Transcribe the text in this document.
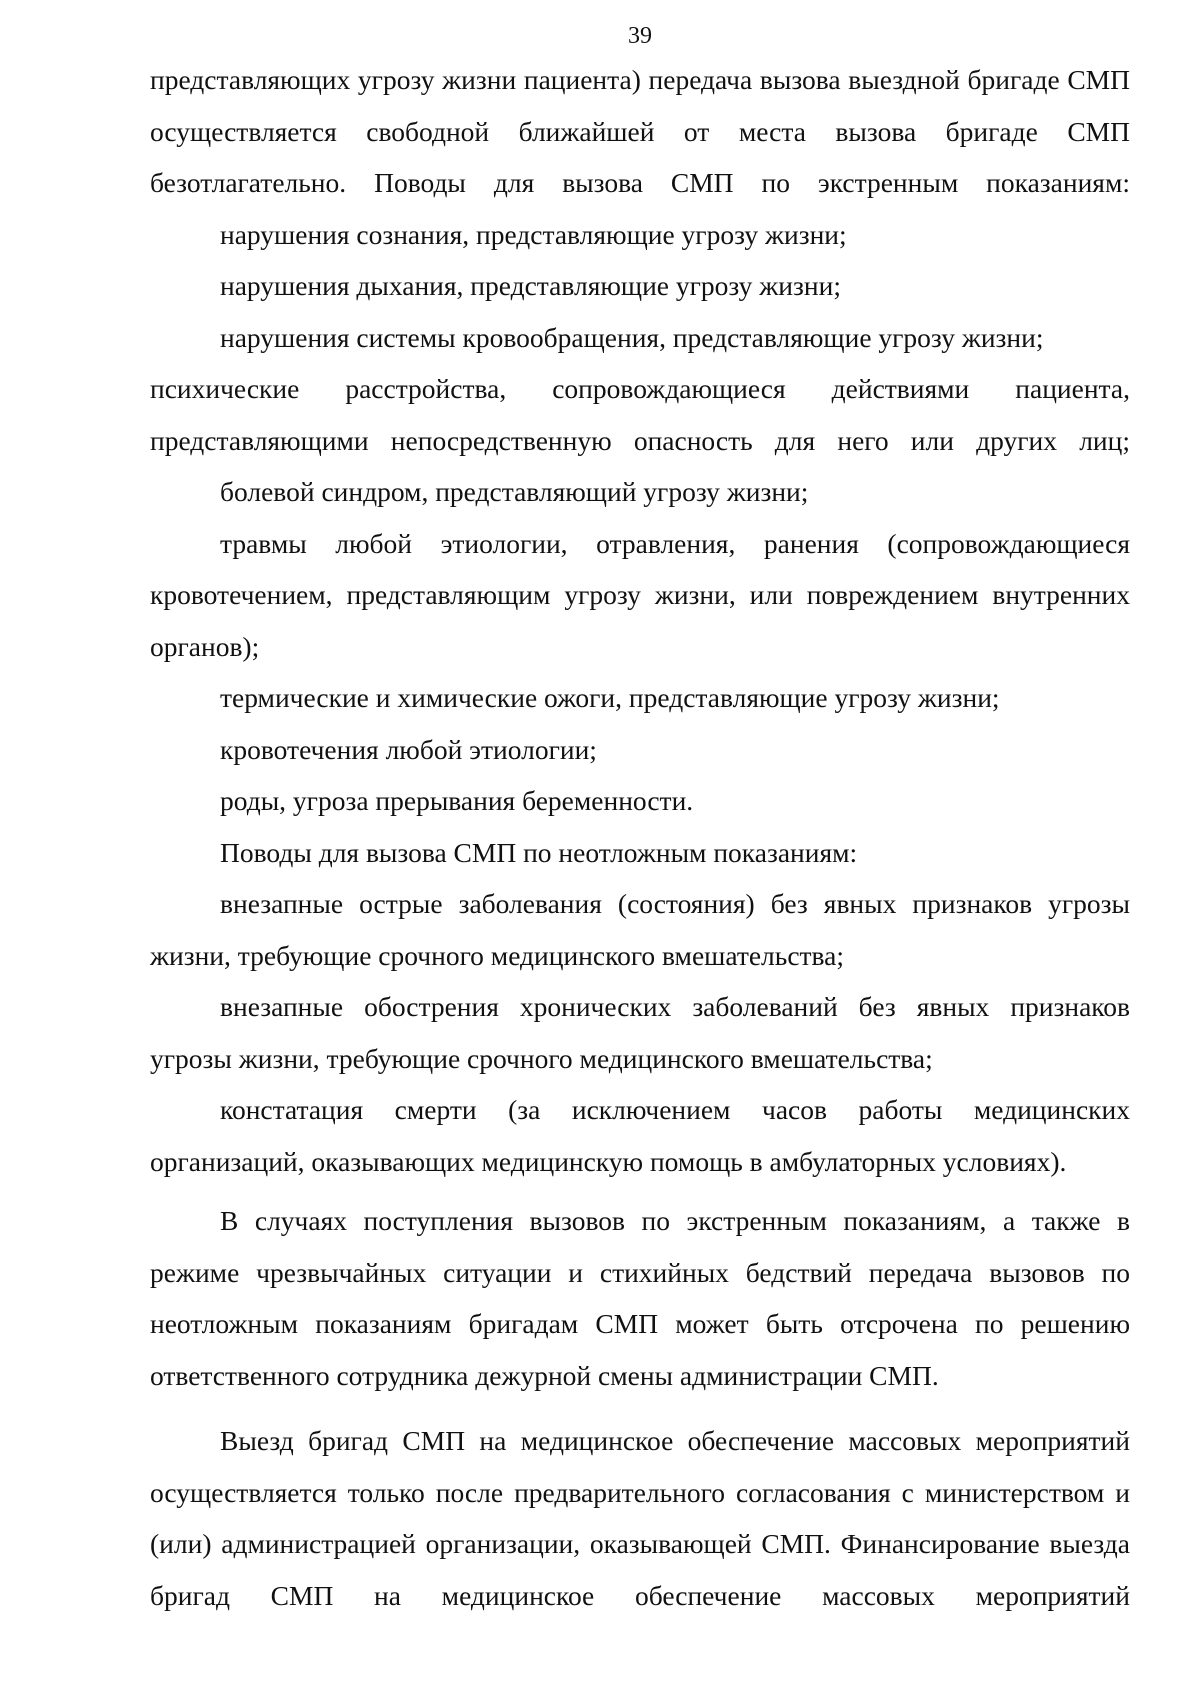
39

представляющих угрозу жизни пациента) передача вызова выездной бригаде СМП осуществляется свободной ближайшей от места вызова бригаде СМП безотлагательно. Поводы для вызова СМП по экстренным показаниям:

нарушения сознания, представляющие угрозу жизни;

нарушения дыхания, представляющие угрозу жизни;

нарушения системы кровообращения, представляющие угрозу жизни;

психические расстройства, сопровождающиеся действиями пациента, представляющими непосредственную опасность для него или других лиц;

болевой синдром, представляющий угрозу жизни;

травмы любой этиологии, отравления, ранения (сопровождающиеся кровотечением, представляющим угрозу жизни, или повреждением внутренних органов);

термические и химические ожоги, представляющие угрозу жизни;

кровотечения любой этиологии;

роды, угроза прерывания беременности.

Поводы для вызова СМП по неотложным показаниям:

внезапные острые заболевания (состояния) без явных признаков угрозы жизни, требующие срочного медицинского вмешательства;

внезапные обострения хронических заболеваний без явных признаков угрозы жизни, требующие срочного медицинского вмешательства;

констатация смерти (за исключением часов работы медицинских организаций, оказывающих медицинскую помощь в амбулаторных условиях).

В случаях поступления вызовов по экстренным показаниям, а также в режиме чрезвычайных ситуации и стихийных бедствий передача вызовов по неотложным показаниям бригадам СМП может быть отсрочена по решению ответственного сотрудника дежурной смены администрации СМП.

Выезд бригад СМП на медицинское обеспечение массовых мероприятий осуществляется только после предварительного согласования с министерством и (или) администрацией организации, оказывающей СМП. Финансирование выезда бригад СМП на медицинское обеспечение массовых мероприятий
